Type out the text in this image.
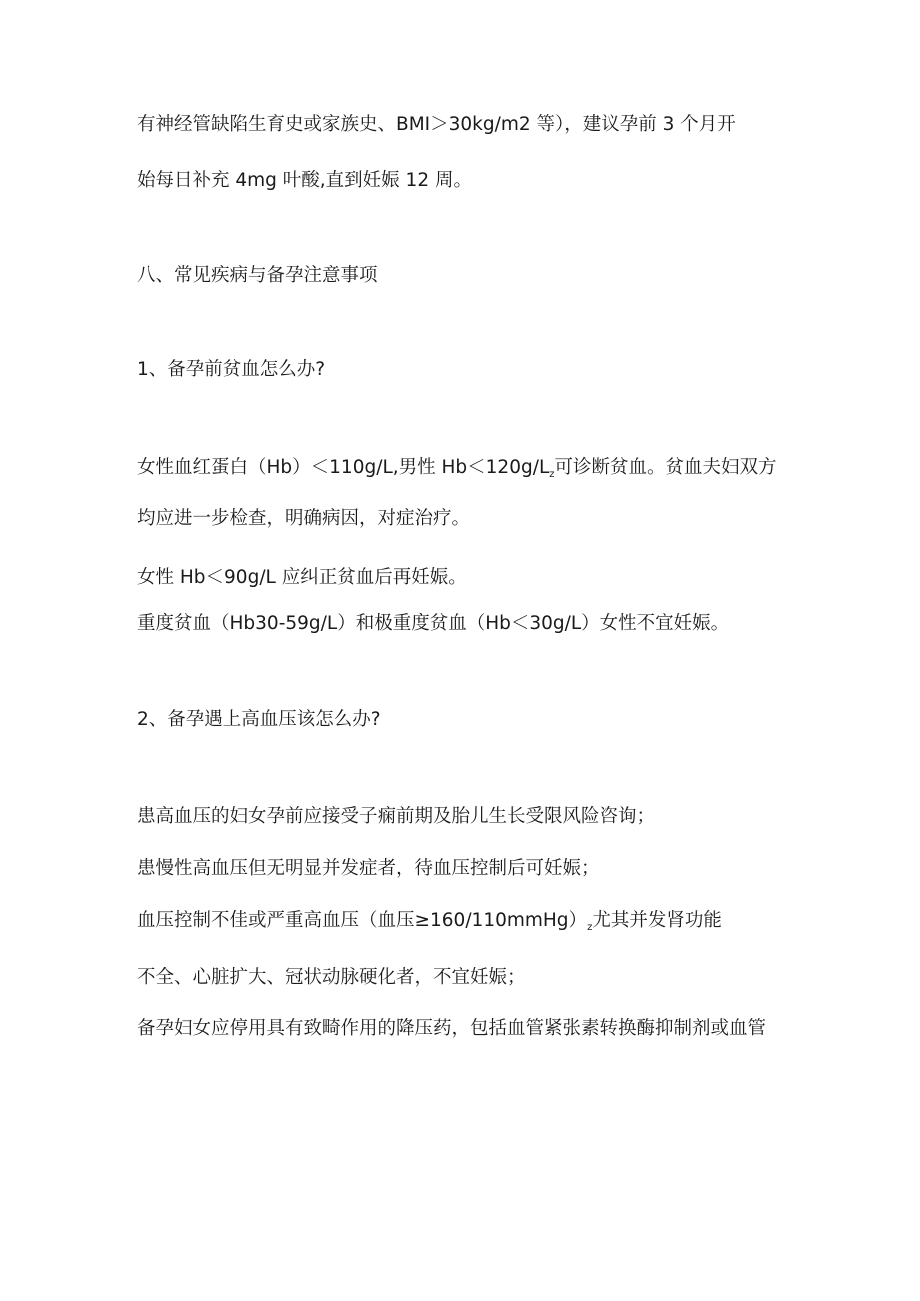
有神经管缺陷生育史或家族史、BMI＞30kg∕m2 等），建议孕前 3 个月开

始每日补充 4mg 叶酸,直到妊娠 12 周。

八、常见疾病与备孕注意事项

1、备孕前贫血怎么办?

女性血红蛋白（Hb）＜110g/L,男性 $Hb<120g/L_z$可诊断贫血。贫血夫妇双方

均应进一步检查，明确病因，对症治疗。

女性 Hb＜90g/L 应纠正贫血后再妊娠。

重度贫血（Hb30-59g/L）和极重度贫血（Hb＜30g/L）女性不宜妊娠。

2、备孕遇上高血压该怎么办?

患高血压的妇女孕前应接受子痫前期及胎儿生长受限风险咨询；

患慢性高血压但无明显并发症者，待血压控制后可妊娠；

血压控制不佳或严重高血压（血压$\ge 160/110mmHg)_z$尤其并发肾功能

不全、心脏扩大、冠状动脉硬化者，不宜妊娠；

备孕妇女应停用具有致畸作用的降压药，包括血管紧张素转换酶抑制剂或血管
